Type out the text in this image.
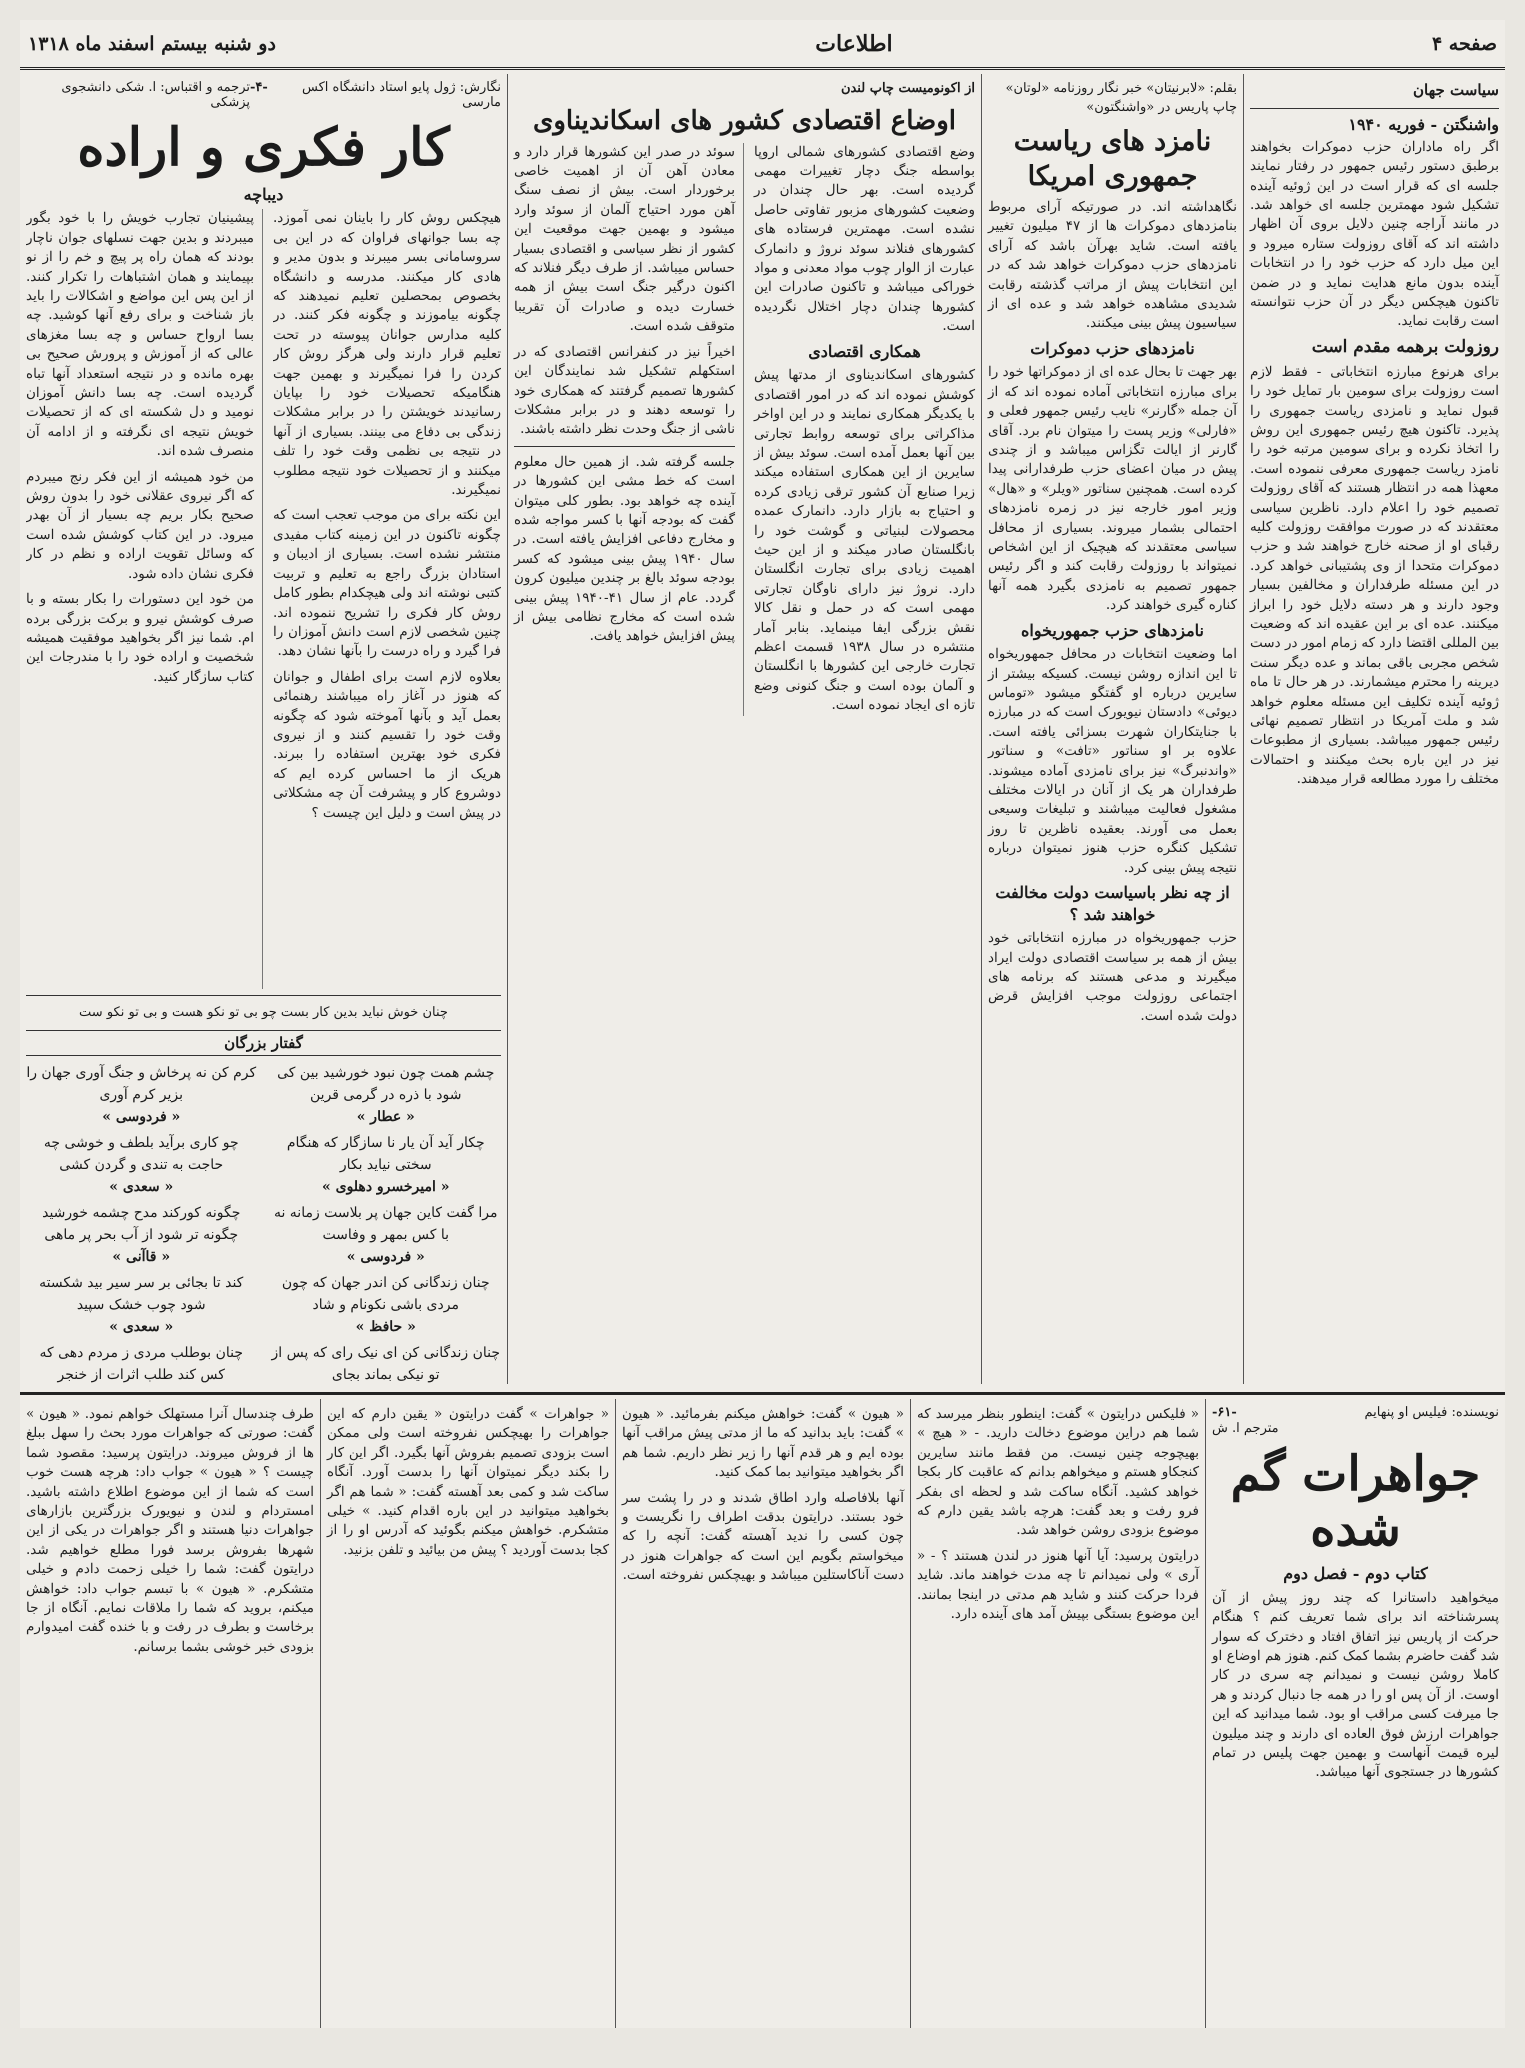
صفحه ۴
اطلاعات
دو شنبه بیستم اسفند ماه ۱۳۱۸
سیاست جهان
واشنگتن - فوریه ۱۹۴۰
اگر راه ماداران حزب دموکرات بخواهند برطبق دستور رئیس جمهور در رفتار نمایند جلسه ای که قرار است در این ژوئیه آینده تشکیل شود مهمترین جلسه ای خواهد شد. در مانند آراجه چنین دلایل بروی آن اظهار داشته اند که آقای روزولت ستاره میرود و این میل دارد که حزب خود را در انتخابات آینده بدون مانع هدایت نماید و در ضمن تاکنون هیچکس دیگر در آن حزب نتوانسته است رقابت نماید.
روزولت برهمه مقدم است
برای هرنوع مبارزه انتخاباتی - فقط لازم است روزولت برای سومین بار تمایل خود را قبول نماید و نامزدی ریاست جمهوری را پذیرد. تاکنون هیچ رئیس جمهوری این روش را اتخاذ نکرده و برای سومین مرتبه خود را نامزد ریاست جمهوری معرفی ننموده است. معهذا همه در انتظار هستند که آقای روزولت تصمیم خود را اعلام دارد. ناظرین سیاسی معتقدند که در صورت موافقت روزولت کلیه رقبای او از صحنه خارج خواهند شد و حزب دموکرات متحدا از وی پشتیبانی خواهد کرد. در این مسئله طرفداران و مخالفین بسیار وجود دارند و هر دسته دلایل خود را ابراز میکنند. عده ای بر این عقیده اند که وضعیت بین المللی اقتضا دارد که زمام امور در دست شخص مجربی باقی بماند و عده دیگر سنت دیرینه را محترم میشمارند. در هر حال تا ماه ژوئیه آینده تکلیف این مسئله معلوم خواهد شد و ملت آمریکا در انتظار تصمیم نهائی رئیس جمهور میباشد. بسیاری از مطبوعات نیز در این باره بحث میکنند و احتمالات مختلف را مورد مطالعه قرار میدهند.
بقلم: «لابرنیتان» خبر نگار روزنامه «لوتان» چاپ پاریس در «واشنگتون»
نامزد های ریاست جمهوری امریکا
نگاهداشته اند. در صورتیکه آرای مربوط بنامزدهای دموکرات ها از ۴۷ میلیون تغییر یافته است. شاید بهرآن باشد که آرای نامزدهای حزب دموکرات خواهد شد که در این انتخابات پیش از مراتب گذشته رقابت شدیدی مشاهده خواهد شد و عده ای از سیاسیون پیش بینی میکنند.
نامزدهای حزب دموکرات
بهر جهت تا بحال عده ای از دموکراتها خود را برای مبارزه انتخاباتی آماده نموده اند که از آن جمله «گارنر» نایب رئیس جمهور فعلی و «فارلی» وزیر پست را میتوان نام برد. آقای گارنر از ایالت تگزاس میباشد و از چندی پیش در میان اعضای حزب طرفدارانی پیدا کرده است. همچنین سناتور «ویلر» و «هال» وزیر امور خارجه نیز در زمره نامزدهای احتمالی بشمار میروند. بسیاری از محافل سیاسی معتقدند که هیچیک از این اشخاص نمیتواند با روزولت رقابت کند و اگر رئیس جمهور تصمیم به نامزدی بگیرد همه آنها کناره گیری خواهند کرد.
نامزدهای حزب جمهوریخواه
اما وضعیت انتخابات در محافل جمهوریخواه تا این اندازه روشن نیست. کسیکه بیشتر از سایرین درباره او گفتگو میشود «توماس دیوئی» دادستان نیویورک است که در مبارزه با جنایتکاران شهرت بسزائی یافته است. علاوه بر او سناتور «تافت» و سناتور «واندنبرگ» نیز برای نامزدی آماده میشوند. طرفداران هر یک از آنان در ایالات مختلف مشغول فعالیت میباشند و تبلیغات وسیعی بعمل می آورند. بعقیده ناظرین تا روز تشکیل کنگره حزب هنوز نمیتوان درباره نتیجه پیش بینی کرد.
از چه نظر باسیاست دولت مخالفت خواهند شد ؟
حزب جمهوریخواه در مبارزه انتخاباتی خود بیش از همه بر سیاست اقتصادی دولت ایراد میگیرند و مدعی هستند که برنامه های اجتماعی روزولت موجب افزایش قرض دولت شده است.
از اکونومیست چاپ لندن
اوضاع اقتصادی کشور های اسکاندیناوی
وضع اقتصادی کشورهای شمالی اروپا بواسطه جنگ دچار تغییرات مهمی گردیده است. بهر حال چندان در وضعیت کشورهای مزبور تفاوتی حاصل نشده است. مهمترین فرستاده های کشورهای فنلاند سوئد نروژ و دانمارک عبارت از الوار چوب مواد معدنی و مواد خوراکی میباشد و تاکنون صادرات این کشورها چندان دچار اختلال نگردیده است.
همکاری اقتصادی
کشورهای اسکاندیناوی از مدتها پیش کوشش نموده اند که در امور اقتصادی با یکدیگر همکاری نمایند و در این اواخر مذاکراتی برای توسعه روابط تجارتی بین آنها بعمل آمده است. سوئد بیش از سایرین از این همکاری استفاده میکند زیرا صنایع آن کشور ترقی زیادی کرده و احتیاج به بازار دارد. دانمارک عمده محصولات لبنیاتی و گوشت خود را بانگلستان صادر میکند و از این حیث اهمیت زیادی برای تجارت انگلستان دارد. نروژ نیز دارای ناوگان تجارتی مهمی است که در حمل و نقل کالا نقش بزرگی ایفا مینماید. بنابر آمار منتشره در سال ۱۹۳۸ قسمت اعظم تجارت خارجی این کشورها با انگلستان و آلمان بوده است و جنگ کنونی وضع تازه ای ایجاد نموده است.
سوئد در صدر این کشورها قرار دارد و معادن آهن آن از اهمیت خاصی برخوردار است. بیش از نصف سنگ آهن مورد احتیاج آلمان از سوئد وارد میشود و بهمین جهت موقعیت این کشور از نظر سیاسی و اقتصادی بسیار حساس میباشد. از طرف دیگر فنلاند که اکنون درگیر جنگ است بیش از همه خسارت دیده و صادرات آن تقریبا متوقف شده است.
اخیراً نیز در کنفرانس اقتصادی که در استکهلم تشکیل شد نمایندگان این کشورها تصمیم گرفتند که همکاری خود را توسعه دهند و در برابر مشکلات ناشی از جنگ وحدت نظر داشته باشند.
جلسه گرفته شد. از همین حال معلوم است که خط مشی این کشورها در آینده چه خواهد بود. بطور کلی میتوان گفت که بودجه آنها با کسر مواجه شده و مخارج دفاعی افزایش یافته است. در سال ۱۹۴۰ پیش بینی میشود که کسر بودجه سوئد بالغ بر چندین میلیون کرون گردد. عام از سال ۴۱-۱۹۴۰ پیش بینی شده است که مخارج نظامی بیش از پیش افزایش خواهد یافت.
نگارش: ژول پایو استاد دانشگاه اکس مارسی
-۴-
ترجمه و اقتباس: ا. شکی دانشجوی پزشکی
کار فکری و اراده
دیباچه
هیچکس روش کار را باینان نمی آموزد. چه بسا جوانهای فراوان که در این بی سروسامانی بسر میبرند و بدون مدیر و هادی کار میکنند. مدرسه و دانشگاه بخصوص بمحصلین تعلیم نمیدهند که چگونه بیاموزند و چگونه فکر کنند. در کلیه مدارس جوانان پیوسته در تحت تعلیم قرار دارند ولی هرگز روش کار کردن را فرا نمیگیرند و بهمین جهت هنگامیکه تحصیلات خود را بپایان رسانیدند خویشتن را در برابر مشکلات زندگی بی دفاع می بینند. بسیاری از آنها در نتیجه بی نظمی وقت خود را تلف میکنند و از تحصیلات خود نتیجه مطلوب نمیگیرند.
این نکته برای من موجب تعجب است که چگونه تاکنون در این زمینه کتاب مفیدی منتشر نشده است. بسیاری از ادیبان و استادان بزرگ راجع به تعلیم و تربیت کتبی نوشته اند ولی هیچکدام بطور کامل روش کار فکری را تشریح ننموده اند. چنین شخصی لازم است دانش آموزان را فرا گیرد و راه درست را بآنها نشان دهد.
بعلاوه لازم است برای اطفال و جوانان که هنوز در آغاز راه میباشند رهنمائی بعمل آید و بآنها آموخته شود که چگونه وقت خود را تقسیم کنند و از نیروی فکری خود بهترین استفاده را ببرند. هریک از ما احساس کرده ایم که دوشروع کار و پیشرفت آن چه مشکلاتی در پیش است و دلیل این چیست ؟
پیشینیان تجارب خویش را با خود بگور میبردند و بدین جهت نسلهای جوان ناچار بودند که همان راه پر پیچ و خم را از نو بپیمایند و همان اشتباهات را تکرار کنند. از این پس این مواضع و اشکالات را باید باز شناخت و برای رفع آنها کوشید. چه بسا ارواح حساس و چه بسا مغزهای عالی که از آموزش و پرورش صحیح بی بهره مانده و در نتیجه استعداد آنها تباه گردیده است. چه بسا دانش آموزان نومید و دل شکسته ای که از تحصیلات خویش نتیجه ای نگرفته و از ادامه آن منصرف شده اند.
من خود همیشه از این فکر رنج میبردم که اگر نیروی عقلانی خود را بدون روش صحیح بکار بریم چه بسیار از آن بهدر میرود. در این کتاب کوشش شده است که وسائل تقویت اراده و نظم در کار فکری نشان داده شود.
من خود این دستورات را بکار بسته و با صرف کوشش نیرو و برکت بزرگی برده ام. شما نیز اگر بخواهید موفقیت همیشه شخصیت و اراده خود را با مندرجات این کتاب سازگار کنید.
چنان خوش نباید بدین کار بست چو بی تو نکو هست و بی تو نکو ست
گفتار بزرگان
چشم همت چون نبود خورشید بین کی شود با ذره در گرمی قرین
« عطار »
کرم کن نه پرخاش و جنگ آوری جهان را بزیر کرم آوری
« فردوسی »
چکار آید آن یار نا سازگار که هنگام سختی نیاید بکار
« امیرخسرو دهلوی »
چو کاری برآید بلطف و خوشی چه حاجت به تندی و گردن کشی
« سعدی »
مرا گفت کاین جهان پر بلاست زمانه نه با کس بمهر و وفاست
« فردوسی »
چگونه کورکند مدح چشمه خورشید چگونه تر شود از آب بحر پر ماهی
« قاآنی »
چنان زندگانی کن اندر جهان که چون مردی باشی نکونام و شاد
« حافظ »
کند تا بجائی بر سر سیر بید شکسته شود چوب خشک سپید
« سعدی »
چنان زندگانی کن ای نیک رای که پس از تو نیکی بماند بجای
چنان بوطلب مردی ز مردم دهی که کس کند طلب اثرات از خنجر
نویسنده: فیلیس او پنهایم
-۶۱-
مترجم ا. ش
جواهرات گم شده
کتاب دوم - فصل دوم
میخواهید داستانرا که چند روز پیش از آن پسرشناخته اند برای شما تعریف کنم ؟ هنگام حرکت از پاریس نیز اتفاق افتاد و دخترک که سوار شد گفت حاضرم بشما کمک کنم. هنوز هم اوضاع او کاملا روشن نیست و نمیدانم چه سری در کار اوست. از آن پس او را در همه جا دنبال کردند و هر جا میرفت کسی مراقب او بود. شما میدانید که این جواهرات ارزش فوق العاده ای دارند و چند میلیون لیره قیمت آنهاست و بهمین جهت پلیس در تمام کشورها در جستجوی آنها میباشد.
« فلیکس درایتون » گفت: اینطور بنظر میرسد که شما هم دراین موضوع دخالت دارید. - « هیچ » بهیچوجه چنین نیست. من فقط مانند سایرین کنجکاو هستم و میخواهم بدانم که عاقبت کار بکجا خواهد کشید. آنگاه ساکت شد و لحظه ای بفکر فرو رفت و بعد گفت: هرچه باشد یقین دارم که موضوع بزودی روشن خواهد شد.
درایتون پرسید: آیا آنها هنوز در لندن هستند ؟ - « آری » ولی نمیدانم تا چه مدت خواهند ماند. شاید فردا حرکت کنند و شاید هم مدتی در اینجا بمانند. این موضوع بستگی بپیش آمد های آینده دارد.
« هیون » گفت: خواهش میکنم بفرمائید. « هیون » گفت: باید بدانید که ما از مدتی پیش مراقب آنها بوده ایم و هر قدم آنها را زیر نظر داریم. شما هم اگر بخواهید میتوانید بما کمک کنید.
آنها بلافاصله وارد اطاق شدند و در را پشت سر خود بستند. درایتون بدقت اطراف را نگریست و چون کسی را ندید آهسته گفت: آنچه را که میخواستم بگویم این است که جواهرات هنوز در دست آناکاستلین میباشد و بهیچکس نفروخته است.
« جواهرات » گفت درایتون « یقین دارم که این جواهرات را بهیچکس نفروخته است ولی ممکن است بزودی تصمیم بفروش آنها بگیرد. اگر این کار را بکند دیگر نمیتوان آنها را بدست آورد. آنگاه ساکت شد و کمی بعد آهسته گفت: « شما هم اگر بخواهید میتوانید در این باره اقدام کنید. » خیلی متشکرم. خواهش میکنم بگوئید که آدرس او را از کجا بدست آوردید ؟ پیش من بیائید و تلفن بزنید.
طرف چندسال آنرا مستهلک خواهم نمود. « هیون » گفت: صورتی که جواهرات مورد بحث را سهل ببلغ ها از فروش میروند. درایتون پرسید: مقصود شما چیست ؟ « هیون » جواب داد: هرچه هست خوب است که شما از این موضوع اطلاع داشته باشید. امستردام و لندن و نیویورک بزرگترین بازارهای جواهرات دنیا هستند و اگر جواهرات در یکی از این شهرها بفروش برسد فورا مطلع خواهیم شد. درایتون گفت: شما را خیلی زحمت دادم و خیلی متشکرم. « هیون » با تبسم جواب داد: خواهش میکنم، بروید که شما را ملاقات نمایم. آنگاه از جا برخاست و بطرف در رفت و با خنده گفت امیدوارم بزودی خبر خوشی بشما برسانم.
